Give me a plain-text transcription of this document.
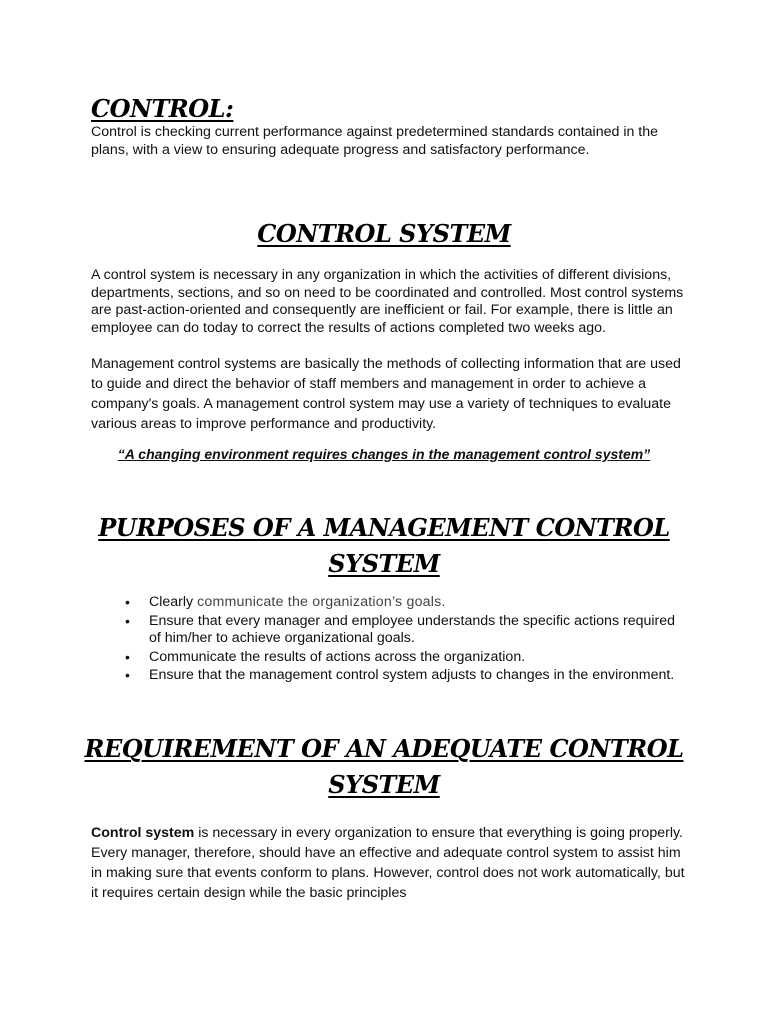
CONTROL:

Control is checking current performance against predetermined standards contained in the plans, with a view to ensuring adequate progress and satisfactory performance.

CONTROL SYSTEM

A control system is necessary in any organization in which the activities of different divisions, departments, sections, and so on need to be coordinated and controlled. Most control systems are past-action-oriented and consequently are inefficient or fail. For example, there is little an employee can do today to correct the results of actions completed two weeks ago.

Management control systems are basically the methods of collecting information that are used to guide and direct the behavior of staff members and management in order to achieve a company's goals. A management control system may use a variety of techniques to evaluate various areas to improve performance and productivity.

“A changing environment requires changes in the management control system”

PURPOSES OF A MANAGEMENT CONTROL SYSTEM
• Clearly communicate the organization’s goals.
• Ensure that every manager and employee understands the specific actions required of him/her to achieve organizational goals.
• Communicate the results of actions across the organization.
• Ensure that the management control system adjusts to changes in the environment.
REQUIREMENT OF AN ADEQUATE CONTROL SYSTEM

Control system is necessary in every organization to ensure that everything is going properly. Every manager, therefore, should have an effective and adequate control system to assist him in making sure that events conform to plans. However, control does not work automatically, but it requires certain design while the basic principles
